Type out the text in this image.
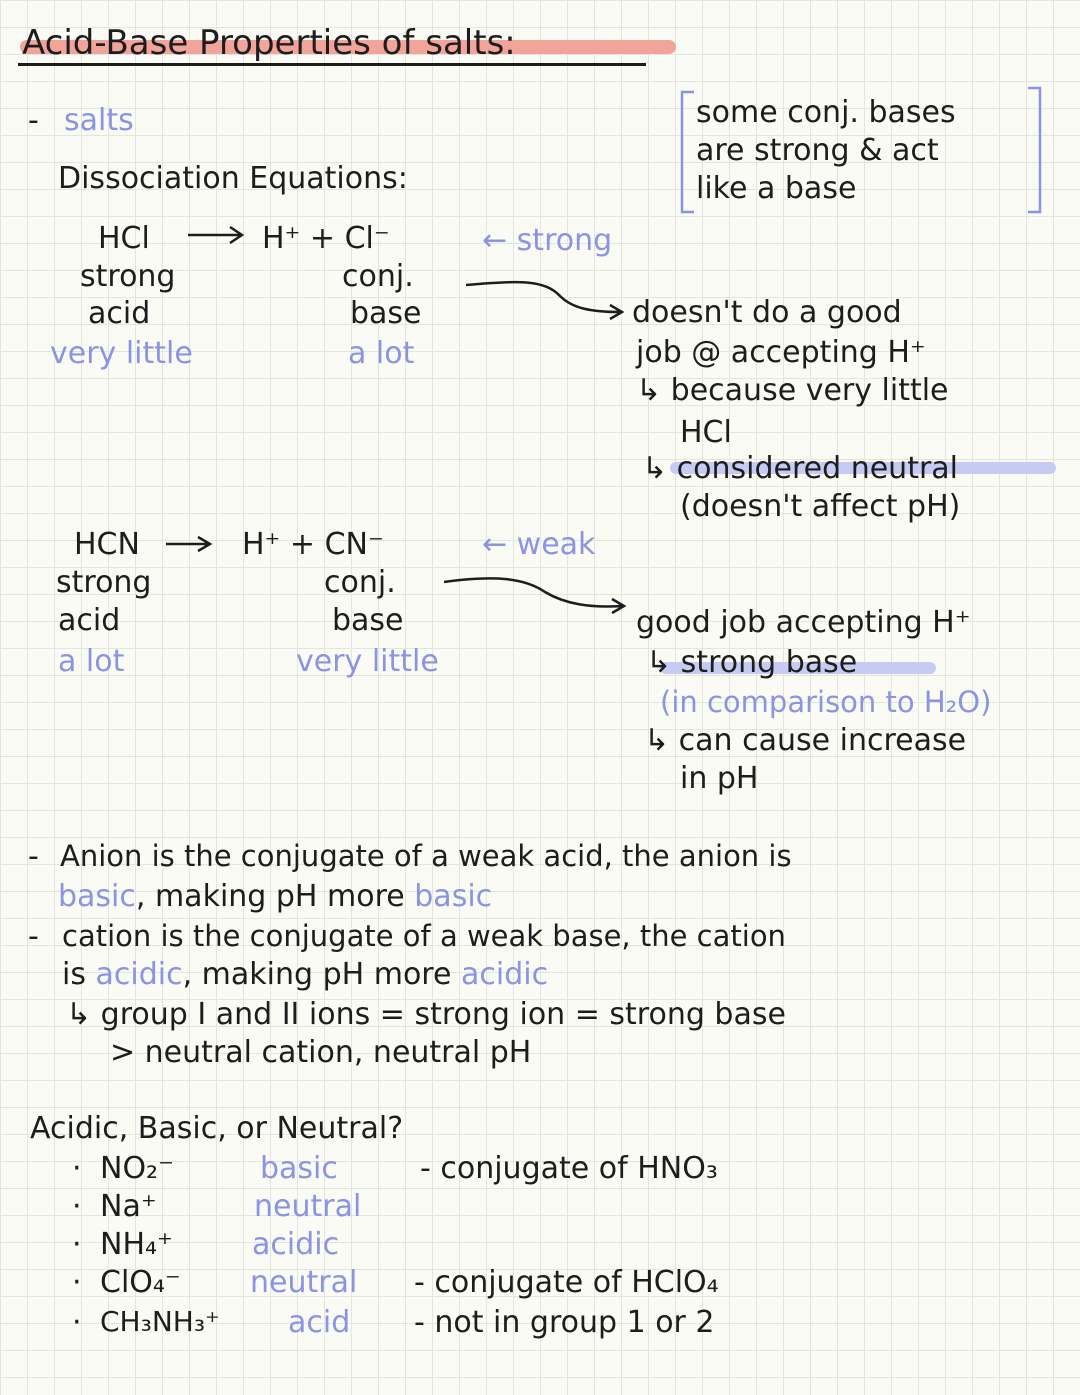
Acid-Base Properties of salts:
- salts
Dissociation Equations:
some conj. bases
are strong & act
like a base
HCl	H⁺ + Cl⁻	← strong
strong
acid
very little
conj.
base
a lot
doesn't do a good
job @ accepting H⁺
↳ because very little
HCl
↳ considered neutral
(doesn't affect pH)
HCN	H⁺ + CN⁻	← weak
strong
acid
a lot
conj.
base
very little
good job accepting H⁺
↳ strong base
(in comparison to H₂O)
↳ can cause increase
in pH
- Anion is the conjugate of a weak acid, the anion is
basic, making pH more basic
- cation is the conjugate of a weak base, the cation
is acidic, making pH more acidic
↳ group I and II ions = strong ion = strong base
> neutral cation, neutral pH
Acidic, Basic, or Neutral?
· NO₂⁻	basic	- conjugate of HNO₃
· Na⁺	neutral
· NH₄⁺	acidic
· ClO₄⁻ neutral - conjugate of HClO₄
· CH₃NH₃⁺ acid - not in group 1 or 2
